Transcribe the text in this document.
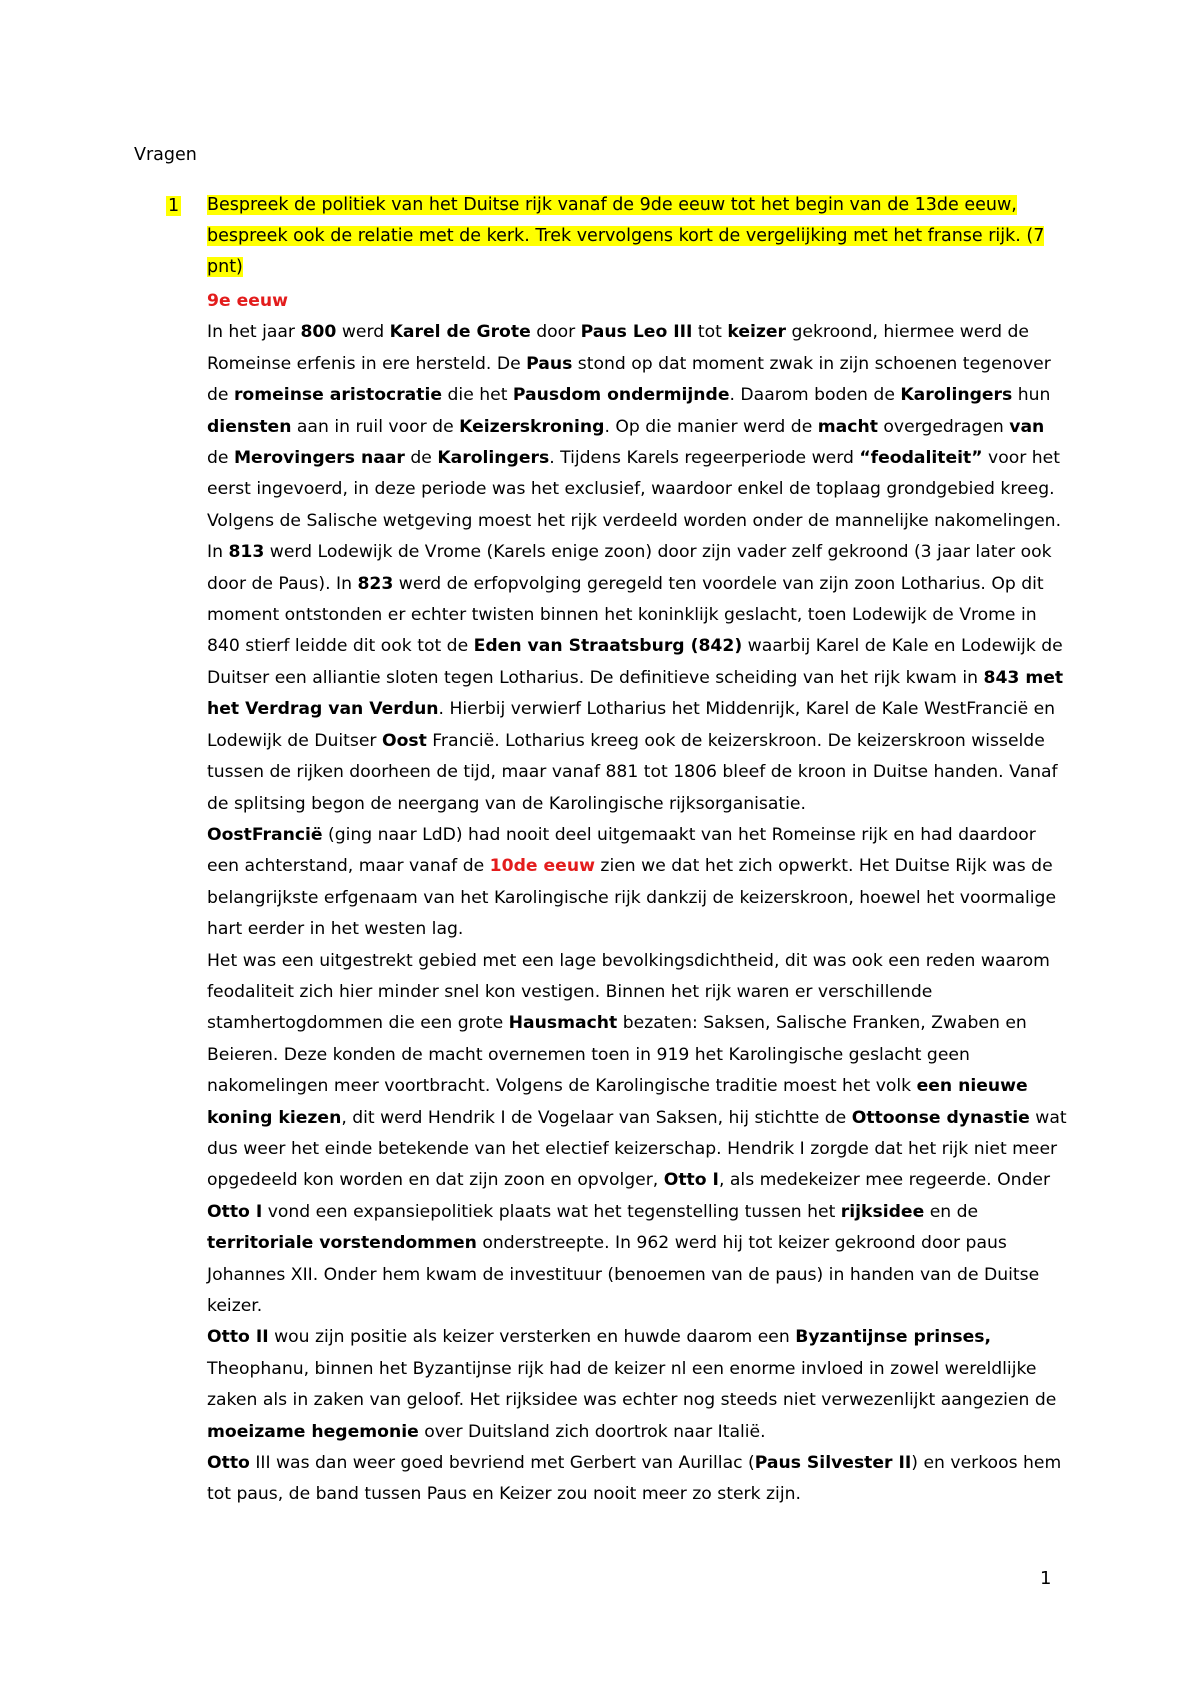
Vragen
1 Bespreek de politiek van het Duitse rijk vanaf de 9de eeuw tot het begin van de 13de eeuw, bespreek ook de relatie met de kerk. Trek vervolgens kort de vergelijking met het franse rijk. (7 pnt)

9e eeuw

In het jaar 800 werd Karel de Grote door Paus Leo III tot keizer gekroond, hiermee werd de Romeinse erfenis in ere hersteld. De Paus stond op dat moment zwak in zijn schoenen tegenover de romeinse aristocratie die het Pausdom ondermijnde. Daarom boden de Karolingers hun diensten aan in ruil voor de Keizerskroning. Op die manier werd de macht overgedragen van de Merovingers naar de Karolingers. Tijdens Karels regeerperiode werd “feodaliteit” voor het eerst ingevoerd, in deze periode was het exclusief, waardoor enkel de toplaag grondgebied kreeg.

Volgens de Salische wetgeving moest het rijk verdeeld worden onder de mannelijke nakomelingen. In 813 werd Lodewijk de Vrome (Karels enige zoon) door zijn vader zelf gekroond (3 jaar later ook door de Paus). In 823 werd de erfopvolging geregeld ten voordele van zijn zoon Lotharius. Op dit moment ontstonden er echter twisten binnen het koninklijk geslacht, toen Lodewijk de Vrome in 840 stierf leidde dit ook tot de Eden van Straatsburg (842) waarbij Karel de Kale en Lodewijk de Duitser een alliantie sloten tegen Lotharius. De definitieve scheiding van het rijk kwam in 843 met het Verdrag van Verdun. Hierbij verwierf Lotharius het Middenrijk, Karel de Kale WestFrancië en Lodewijk de Duitser Oost Francië. Lotharius kreeg ook de keizerskroon. De keizerskroon wisselde tussen de rijken doorheen de tijd, maar vanaf 881 tot 1806 bleef de kroon in Duitse handen. Vanaf de splitsing begon de neergang van de Karolingische rijksorganisatie.

OostFrancië (ging naar LdD) had nooit deel uitgemaakt van het Romeinse rijk en had daardoor een achterstand, maar vanaf de 10de eeuw zien we dat het zich opwerkt. Het Duitse Rijk was de belangrijkste erfgenaam van het Karolingische rijk dankzij de keizerskroon, hoewel het voormalige hart eerder in het westen lag.

Het was een uitgestrekt gebied met een lage bevolkingsdichtheid, dit was ook een reden waarom feodaliteit zich hier minder snel kon vestigen. Binnen het rijk waren er verschillende stamhertogdommen die een grote Hausmacht bezaten: Saksen, Salische Franken, Zwaben en Beieren. Deze konden de macht overnemen toen in 919 het Karolingische geslacht geen nakomelingen meer voortbracht. Volgens de Karolingische traditie moest het volk een nieuwe koning kiezen, dit werd Hendrik I de Vogelaar van Saksen, hij stichtte de Ottoonse dynastie wat dus weer het einde betekende van het electief keizerschap. Hendrik I zorgde dat het rijk niet meer opgedeeld kon worden en dat zijn zoon en opvolger, Otto I, als medekeizer mee regeerde. Onder Otto I vond een expansiepolitiek plaats wat het tegenstelling tussen het rijksidee en de territoriale vorstendommen onderstreepte. In 962 werd hij tot keizer gekroond door paus Johannes XII. Onder hem kwam de investituur (benoemen van de paus) in handen van de Duitse keizer.

Otto II wou zijn positie als keizer versterken en huwde daarom een Byzantijnse prinses, Theophanu, binnen het Byzantijnse rijk had de keizer nl een enorme invloed in zowel wereldlijke zaken als in zaken van geloof. Het rijksidee was echter nog steeds niet verwezenlijkt aangezien de moeizame hegemonie over Duitsland zich doortrok naar Italië.

Otto III was dan weer goed bevriend met Gerbert van Aurillac (Paus Silvester II) en verkoos hem tot paus, de band tussen Paus en Keizer zou nooit meer zo sterk zijn.

1
